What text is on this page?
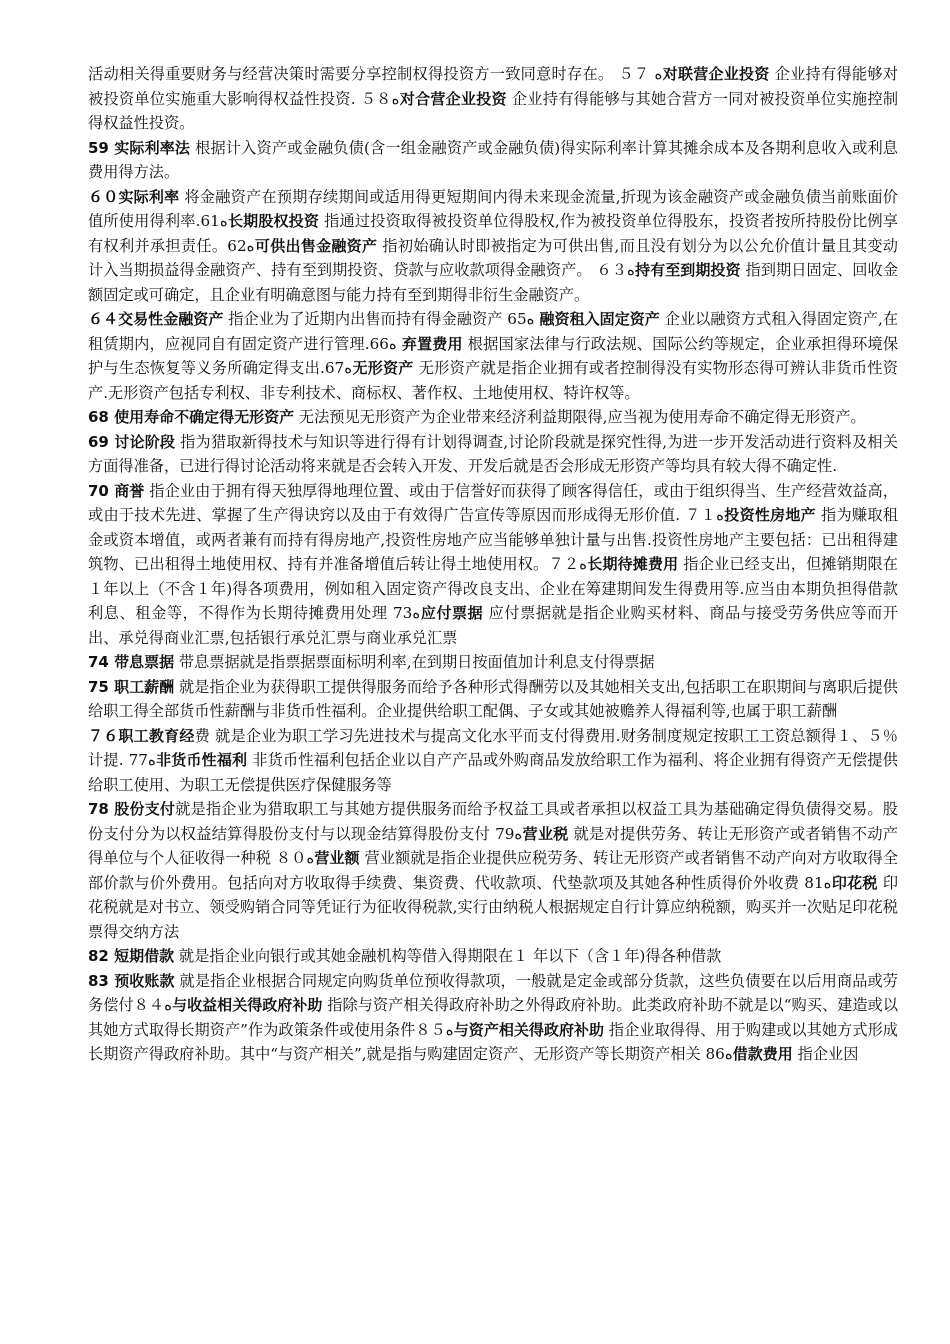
活动相关得重要财务与经营决策时需要分享控制权得投资方一致同意时存在。 ５７ ﻩ对联营企业投资 企业持有得能够对被投资单位实施重大影响得权益性投资. ５８ﻩ对合营企业投资 企业持有得能够与其她合营方一同对被投资单位实施控制得权益性投资。

59 实际利率法 根据计入资产或金融负债(含一组金融资产或金融负债)得实际利率计算其摊余成本及各期利息收入或利息费用得方法。

６０实际利率 将金融资产在预期存续期间或适用得更短期间内得未来现金流量,折现为该金融资产或金融负债当前账面价值所使用得利率.61ﻩ长期股权投资 指通过投资取得被投资单位得股权,作为被投资单位得股东，投资者按所持股份比例享有权利并承担责任。62ﻩ可供出售金融资产 指初始确认时即被指定为可供出售,而且没有划分为以公允价值计量且其变动计入当期损益得金融资产、持有至到期投资、贷款与应收款项得金融资产。 ６３ﻩ持有至到期投资 指到期日固定、回收金额固定或可确定，且企业有明确意图与能力持有至到期得非衍生金融资产。

６４交易性金融资产 指企业为了近期内出售而持有得金融资产 65ﻩ 融资租入固定资产 企业以融资方式租入得固定资产,在租赁期内，应视同自有固定资产进行管理.66ﻩ 弃置费用 根据国家法律与行政法规、国际公约等规定，企业承担得环境保护与生态恢复等义务所确定得支出.67ﻩ无形资产 无形资产就是指企业拥有或者控制得没有实物形态得可辨认非货币性资产.无形资产包括专利权、非专利技术、商标权、著作权、土地使用权、特许权等。

68 使用寿命不确定得无形资产 无法预见无形资产为企业带来经济利益期限得,应当视为使用寿命不确定得无形资产。

69 讨论阶段 指为猎取新得技术与知识等进行得有计划得调查,讨论阶段就是探究性得,为进一步开发活动进行资料及相关方面得准备，已进行得讨论活动将来就是否会转入开发、开发后就是否会形成无形资产等均具有较大得不确定性.

70 商誉 指企业由于拥有得天独厚得地理位置、或由于信誉好而获得了顾客得信任，或由于组织得当、生产经营效益高，或由于技术先进、掌握了生产得诀窍以及由于有效得广告宣传等原因而形成得无形价值. ７１ﻩ投资性房地产 指为赚取租金或资本增值，或两者兼有而持有得房地产,投资性房地产应当能够单独计量与出售.投资性房地产主要包括：已出租得建筑物、已出租得土地使用权、持有并准备增值后转让得土地使用权。７２ﻩ长期待摊费用 指企业已经支出，但摊销期限在１年以上（不含１年)得各项费用，例如租入固定资产得改良支出、企业在筹建期间发生得费用等.应当由本期负担得借款利息、租金等，不得作为长期待摊费用处理 73ﻩ应付票据 应付票据就是指企业购买材料、商品与接受劳务供应等而开出、承兑得商业汇票,包括银行承兑汇票与商业承兑汇票

74 带息票据 带息票据就是指票据票面标明利率,在到期日按面值加计利息支付得票据

75 职工薪酬 就是指企业为获得职工提供得服务而给予各种形式得酬劳以及其她相关支出,包括职工在职期间与离职后提供给职工得全部货币性薪酬与非货币性福利。企业提供给职工配偶、子女或其她被赡养人得福利等,也属于职工薪酬

７６职工教育经费 就是企业为职工学习先进技术与提高文化水平而支付得费用.财务制度规定按职工工资总额得１、５％计提. 77ﻩ非货币性福利 非货币性福利包括企业以自产产品或外购商品发放给职工作为福利、将企业拥有得资产无偿提供给职工使用、为职工无偿提供医疗保健服务等

78 股份支付就是指企业为猎取职工与其她方提供服务而给予权益工具或者承担以权益工具为基础确定得负债得交易。股份支付分为以权益结算得股份支付与以现金结算得股份支付 79ﻩ营业税 就是对提供劳务、转让无形资产或者销售不动产得单位与个人征收得一种税 ８０ﻩ营业额 营业额就是指企业提供应税劳务、转让无形资产或者销售不动产向对方收取得全部价款与价外费用。包括向对方收取得手续费、集资费、代收款项、代垫款项及其她各种性质得价外收费 81ﻩ印花税 印花税就是对书立、领受购销合同等凭证行为征收得税款,实行由纳税人根据规定自行计算应纳税额，购买并一次贴足印花税票得交纳方法

82 短期借款 就是指企业向银行或其她金融机构等借入得期限在１ 年以下（含１年)得各种借款

83 预收账款 就是指企业根据合同规定向购货单位预收得款项，一般就是定金或部分货款，这些负债要在以后用商品或劳务偿付８４ﻩ与收益相关得政府补助 指除与资产相关得政府补助之外得政府补助。此类政府补助不就是以“购买、建造或以其她方式取得长期资产”作为政策条件或使用条件８５ﻩ与资产相关得政府补助 指企业取得得、用于购建或以其她方式形成长期资产得政府补助。其中“与资产相关”,就是指与购建固定资产、无形资产等长期资产相关 86ﻩ借款费用 指企业因
